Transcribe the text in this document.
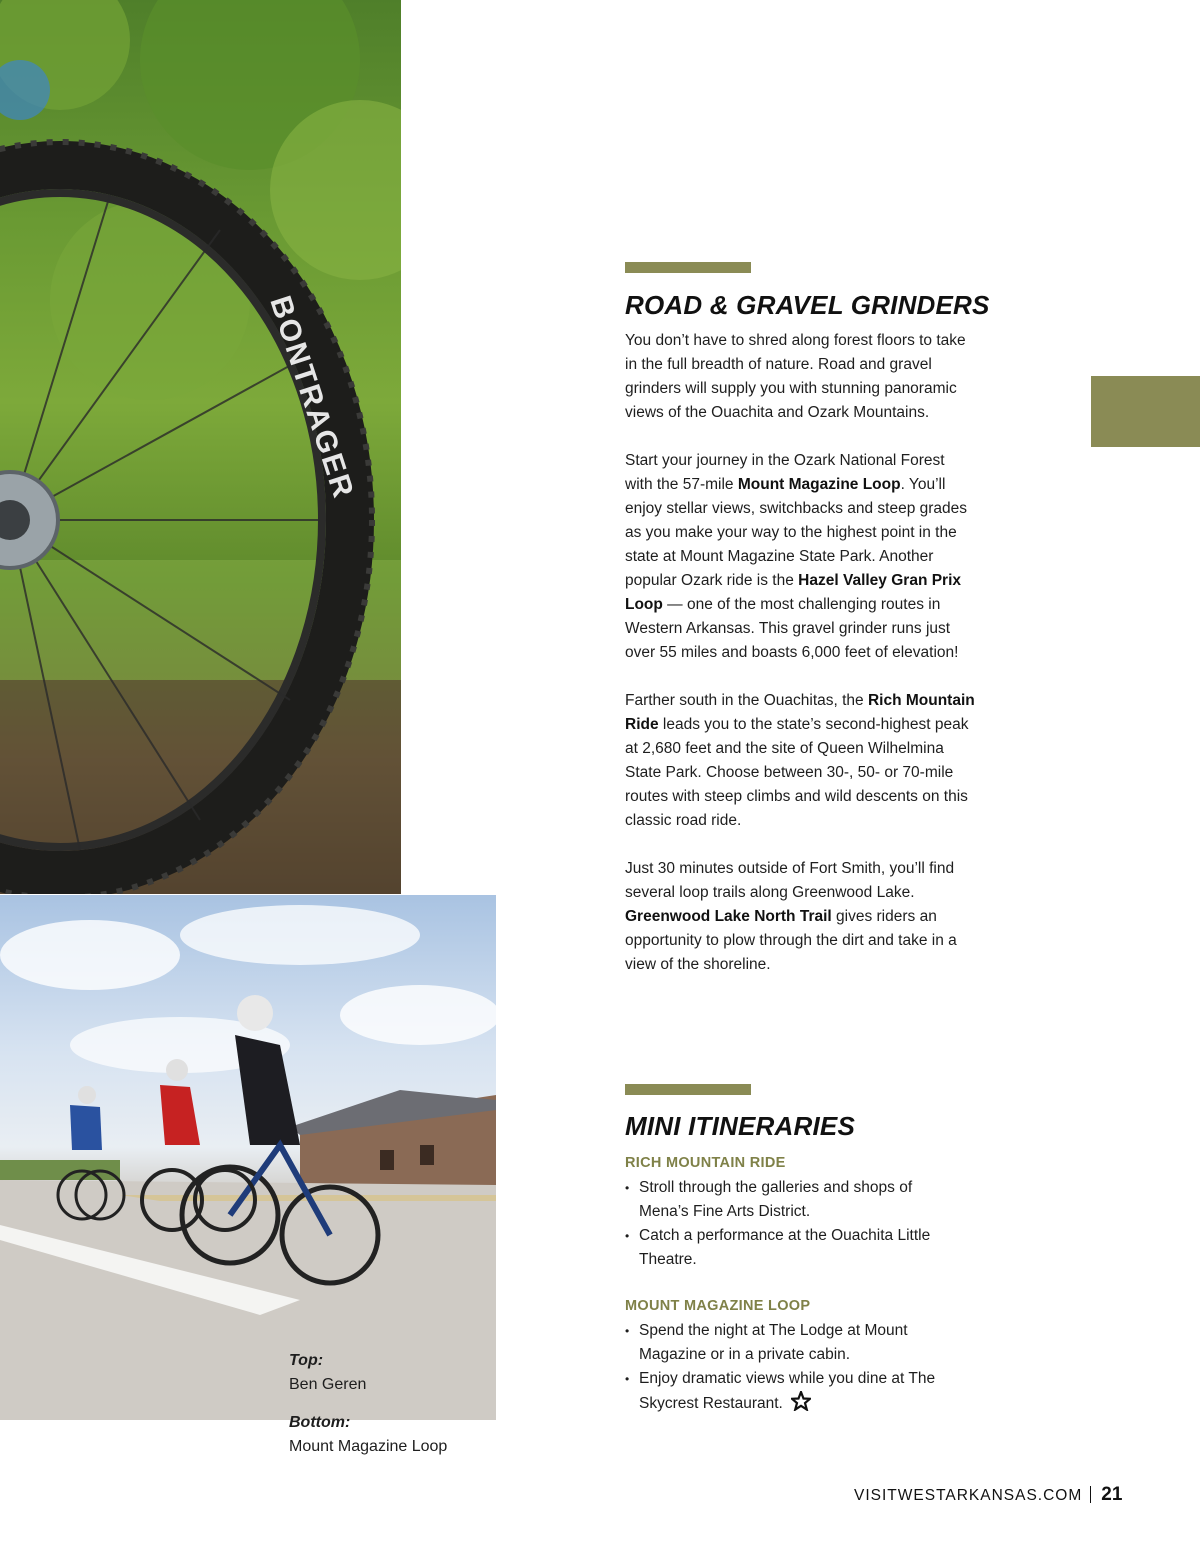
BONTRAGER
Top:
Ben Geren
Bottom:
Mount Magazine Loop
ROAD & GRAVEL GRINDERS

You don’t have to shred along forest floors to take in the full breadth of nature. Road and gravel grinders will supply you with stunning panoramic views of the Ouachita and Ozark Mountains.

Start your journey in the Ozark National Forest with the 57-mile Mount Magazine Loop. You’ll enjoy stellar views, switchbacks and steep grades as you make your way to the highest point in the state at Mount Magazine State Park. Another popular Ozark ride is the Hazel Valley Gran Prix Loop — one of the most challenging routes in Western Arkansas. This gravel grinder runs just over 55 miles and boasts 6,000 feet of elevation!

Farther south in the Ouachitas, the Rich Mountain Ride leads you to the state’s second-highest peak at 2,680 feet and the site of Queen Wilhelmina State Park. Choose between 30-, 50- or 70-mile routes with steep climbs and wild descents on this classic road ride.

Just 30 minutes outside of Fort Smith, you’ll find several loop trails along Greenwood Lake. Greenwood Lake North Trail gives riders an opportunity to plow through the dirt and take in a view of the shoreline.

MINI ITINERARIES
RICH MOUNTAIN RIDE
• Stroll through the galleries and shops of Mena’s Fine Arts District.
• Catch a performance at the Ouachita Little Theatre.
MOUNT MAGAZINE LOOP
• Spend the night at The Lodge at Mount Magazine or in a private cabin.
• Enjoy dramatic views while you dine at The Skycrest Restaurant.
VISITWESTARKANSAS.COM 21
